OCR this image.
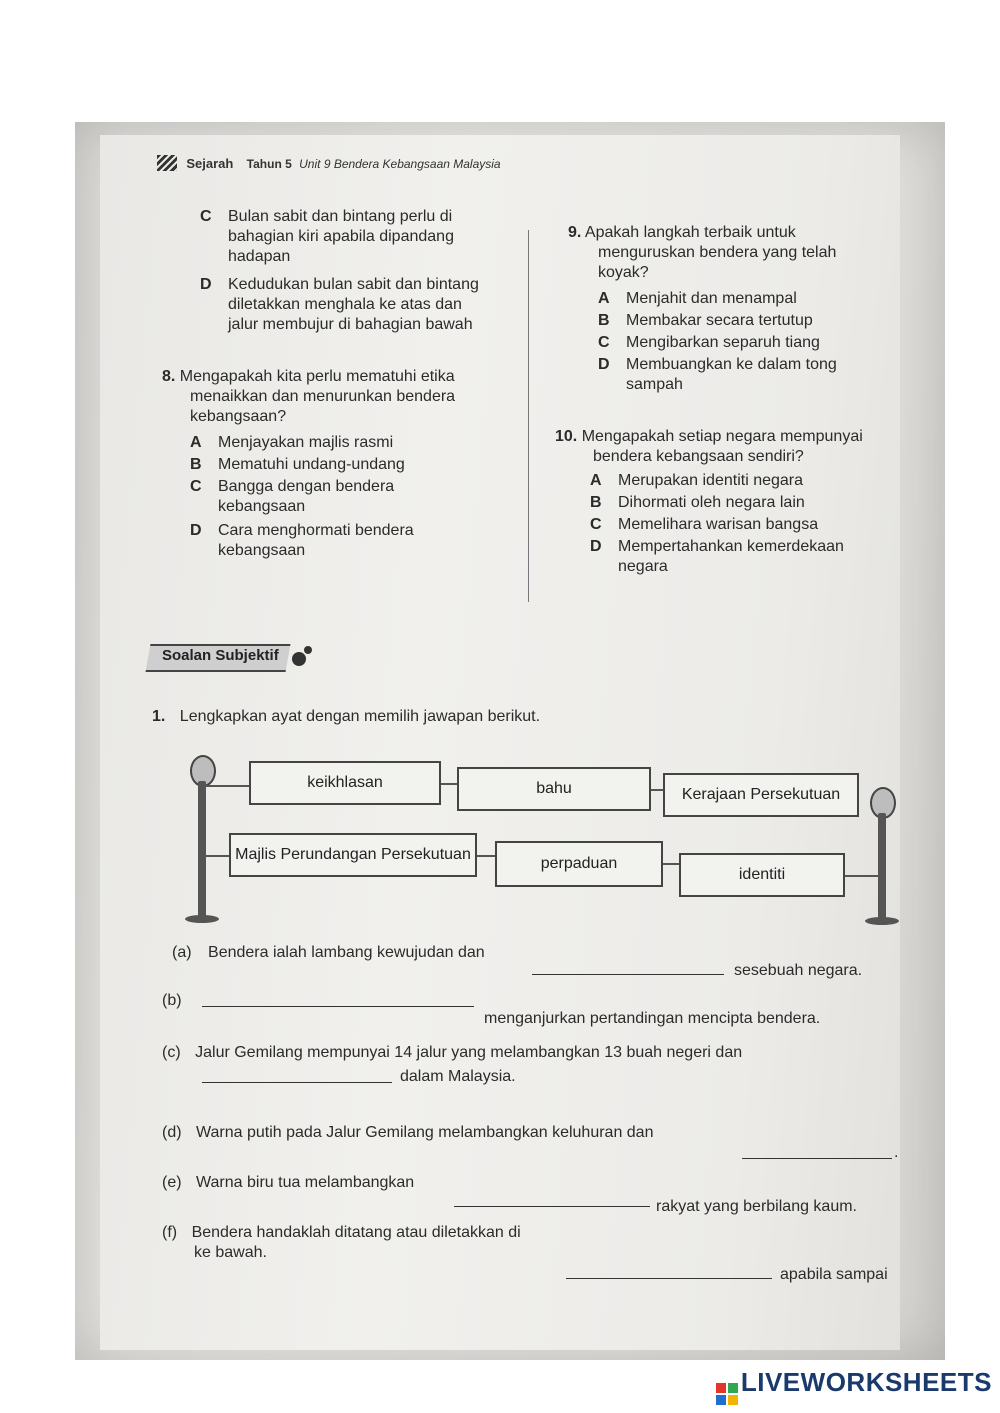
Sejarah Tahun 5 Unit 9 Bendera Kebangsaan Malaysia
C Bulan sabit dan bintang perlu di
bahagian kiri apabila dipandang
hadapan
D Kedudukan bulan sabit dan bintang
diletakkan menghala ke atas dan
jalur membujur di bahagian bawah
8. Mengapakah kita perlu mematuhi etika
menaikkan dan menurunkan bendera
kebangsaan?
A Menjayakan majlis rasmi
B Mematuhi undang-undang
C Bangga dengan bendera
kebangsaan
D Cara menghormati bendera
kebangsaan
9. Apakah langkah terbaik untuk
menguruskan bendera yang telah
koyak?
A Menjahit dan menampal
B Membakar secara tertutup
C Mengibarkan separuh tiang
D Membuangkan ke dalam tong
sampah
10. Mengapakah setiap negara mempunyai
bendera kebangsaan sendiri?
A Merupakan identiti negara
B Dihormati oleh negara lain
C Memelihara warisan bangsa
D Mempertahankan kemerdekaan
negara
Soalan Subjektif
1. Lengkapkan ayat dengan memilih jawapan berikut.
keikhlasan	bahu	Kerajaan Persekutuan
Majlis Perundangan Persekutuan
perpaduan
identiti
(a) Bendera ialah lambang kewujudan dan
sesebuah negara.
(b)
menganjurkan pertandingan mencipta bendera.
(c) Jalur Gemilang mempunyai 14 jalur yang melambangkan 13 buah negeri dan
dalam Malaysia.
(d) Warna putih pada Jalur Gemilang melambangkan keluhuran dan
.
(e) Warna biru tua melambangkan
rakyat yang berbilang kaum.
(f) Bendera handaklah ditatang atau diletakkan di
ke bawah.
apabila sampai
LIVEWORKSHEETS
